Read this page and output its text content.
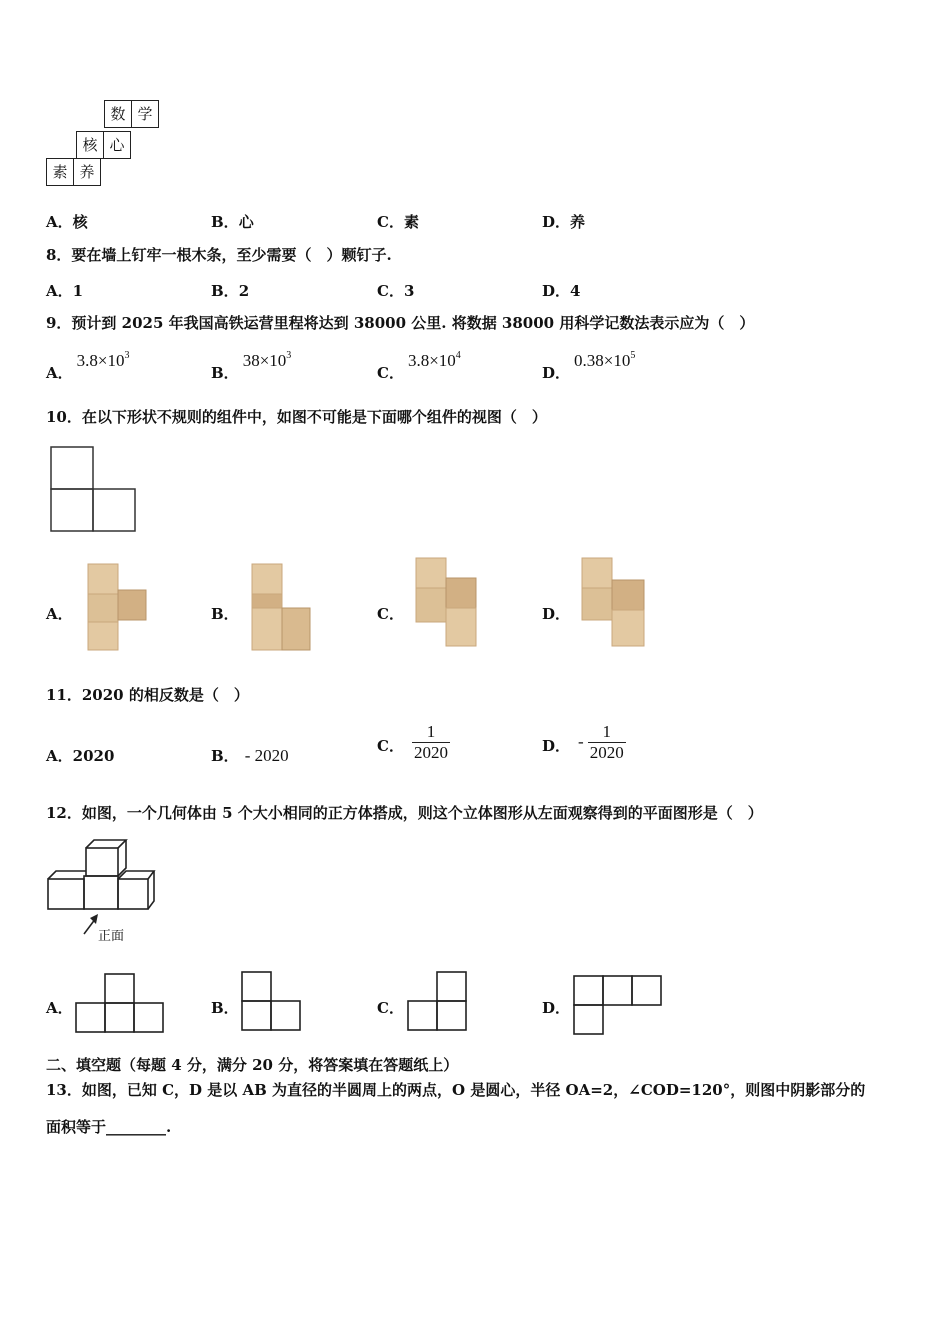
数 学
核 心
素 养
A．核	B．心	C．素	D．养
8．要在墙上钉牢一根木条，至少需要（　）颗钉子.
A．1	B．2	C．3	D．4
9．预计到 2025 年我国高铁运营里程将达到 38000 公里. 将数据 38000 用科学记数法表示应为（　）
A．$3.8\times 10^3$
B．$38\times 10^3$
C．$3.8\times 10^4$
D．$0.38\times 10^5$
10．在以下形状不规则的组件中，如图不可能是下面哪个组件的视图（　）
A．	B．	C．	D．
11．2020 的相反数是（　）
A．2020	B． - 2020
C． $\frac{1}{2020}$	D． - $\frac{1}{2020}$
12．如图，一个几何体由 5 个大小相同的正方体搭成，则这个立体图形从左面观察得到的平面图形是（　）
正面
A．	B．	C．	D．
二、填空题（每题 4 分，满分 20 分，将答案填在答题纸上）
13．如图，已知 C，D 是以 AB 为直径的半圆周上的两点，O 是圆心，半径 OA=2，∠COD=120°，则图中阴影部分的
面积等于________.
